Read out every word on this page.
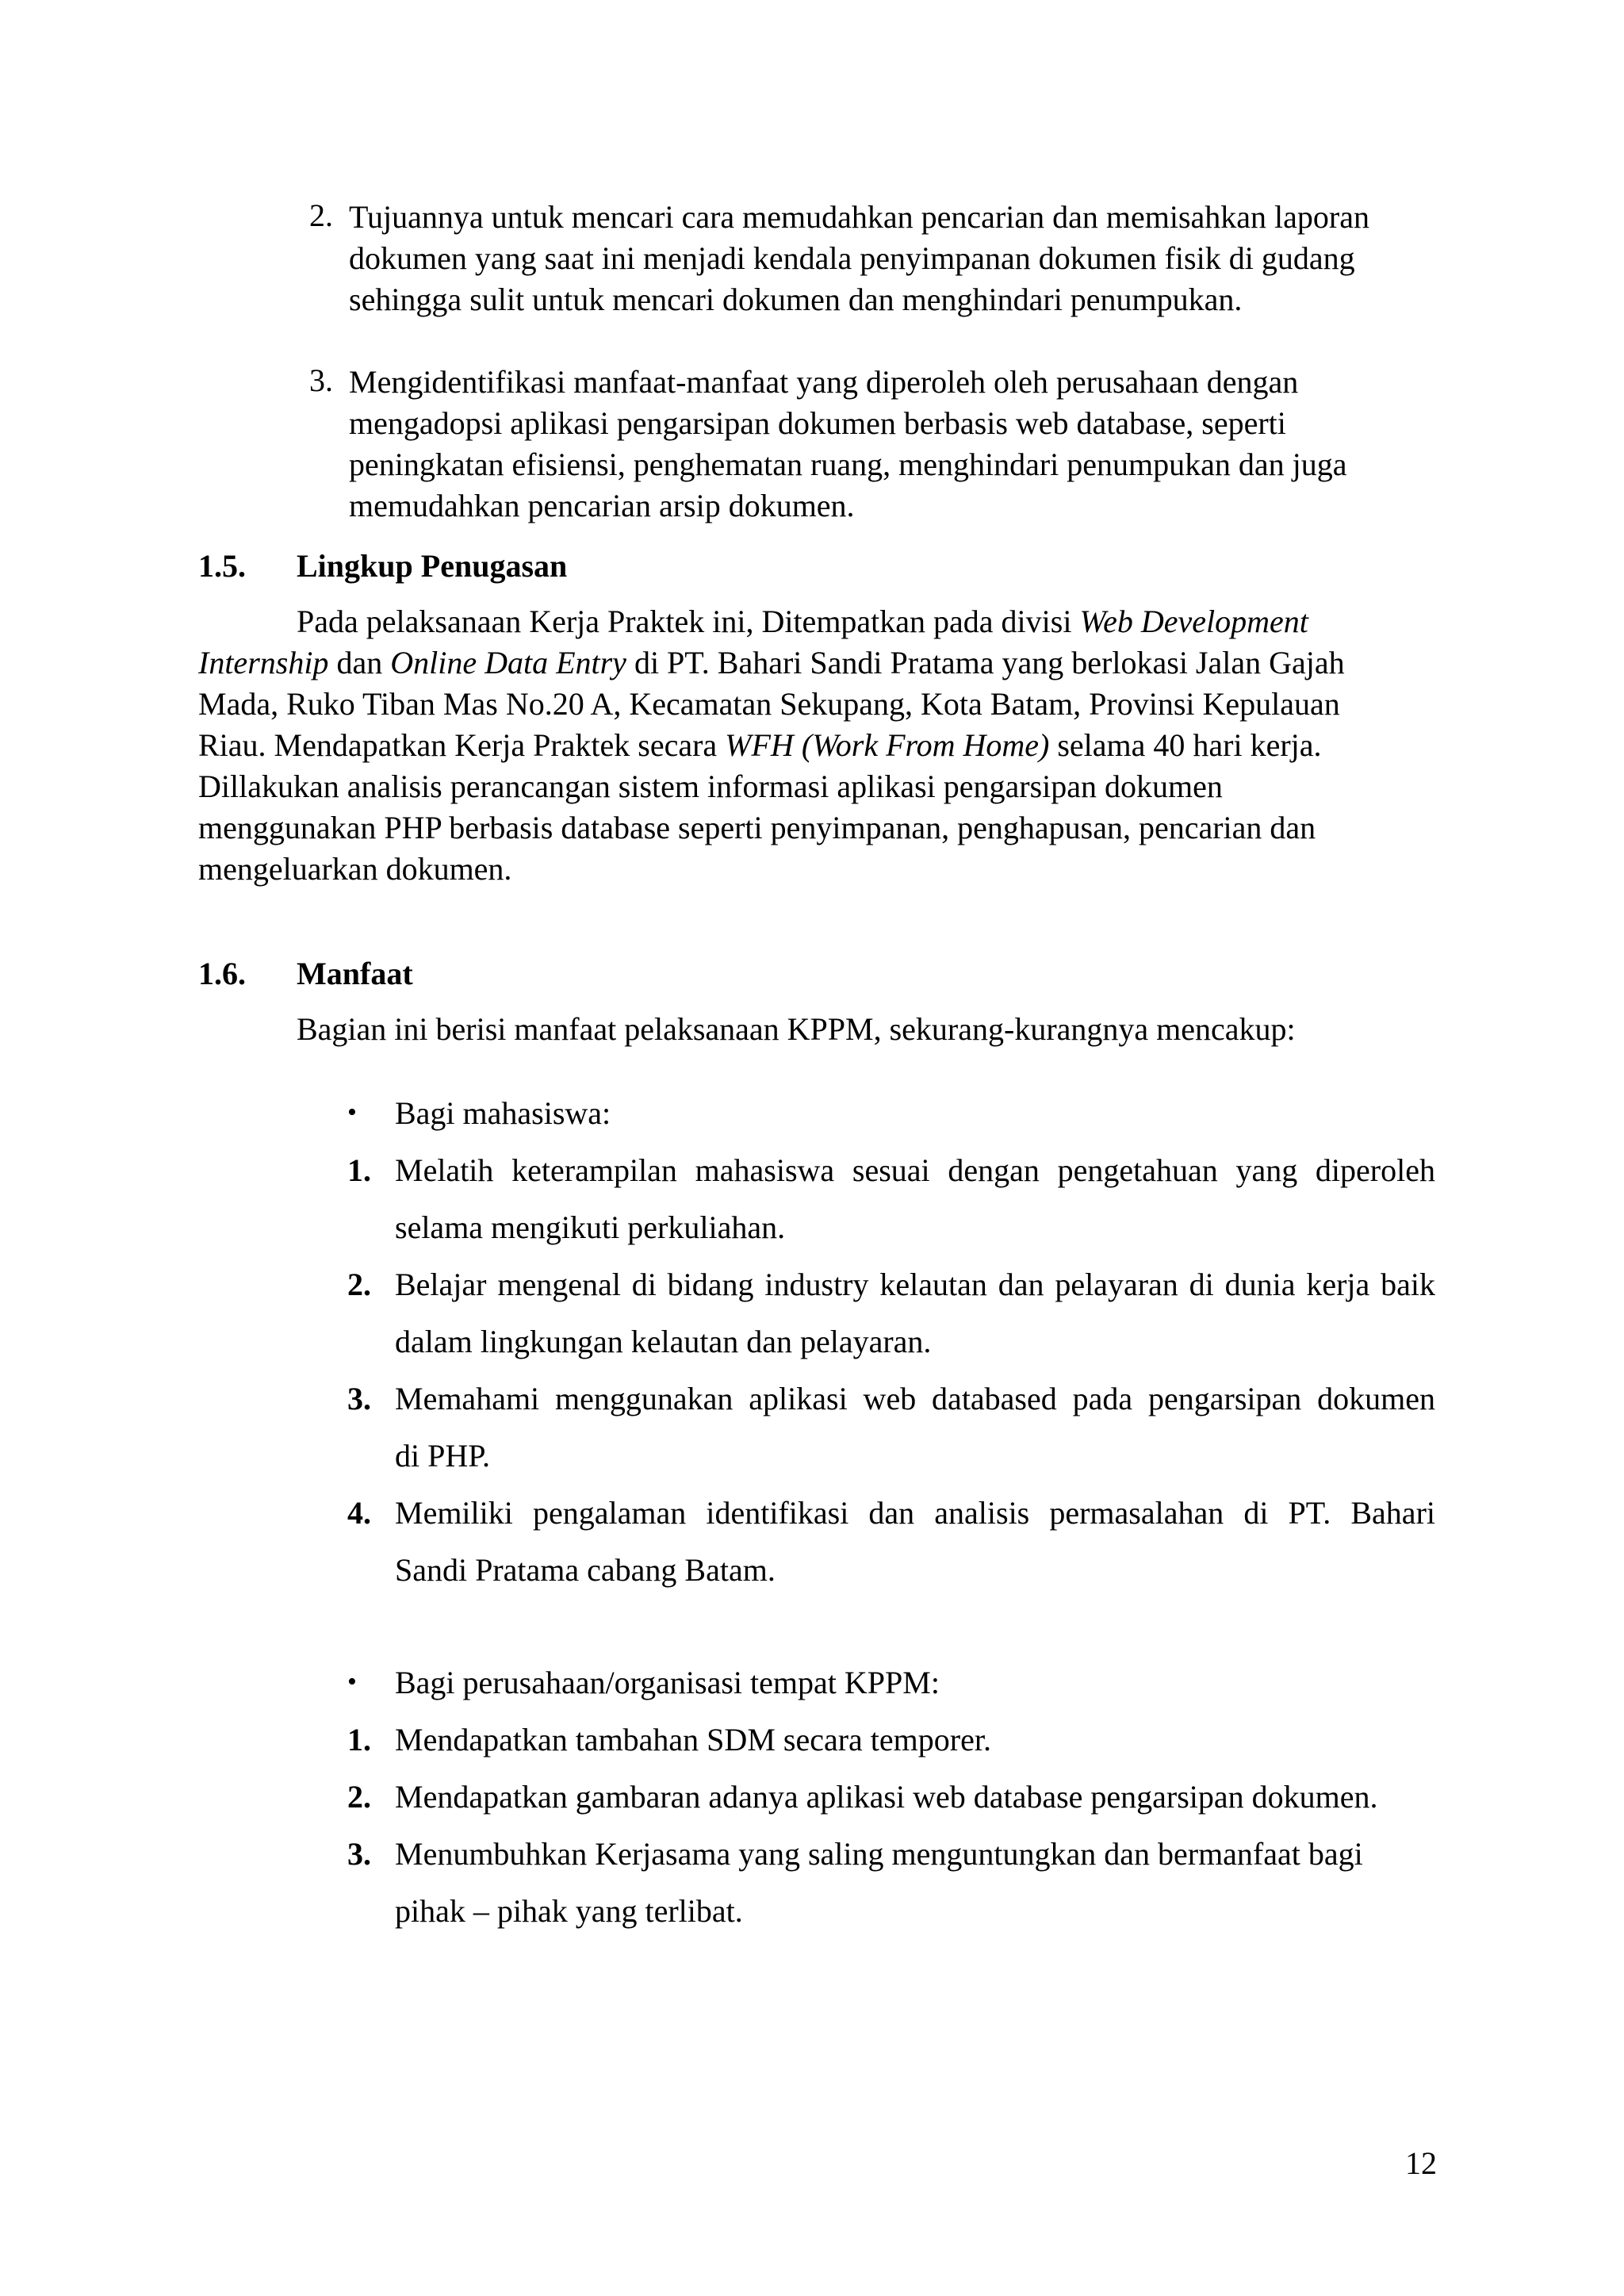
2. Tujuannya untuk mencari cara memudahkan pencarian dan memisahkan laporan
dokumen yang saat ini menjadi kendala penyimpanan dokumen fisik di gudang
sehingga sulit untuk mencari dokumen dan menghindari penumpukan.
3. Mengidentifikasi manfaat-manfaat yang diperoleh oleh perusahaan dengan
mengadopsi aplikasi pengarsipan dokumen berbasis web database, seperti
peningkatan efisiensi, penghematan ruang, menghindari penumpukan dan juga
memudahkan pencarian arsip dokumen.
1.5. Lingkup Penugasan
Pada pelaksanaan Kerja Praktek ini, Ditempatkan pada divisi Web Development
Internship dan Online Data Entry di PT. Bahari Sandi Pratama yang berlokasi Jalan Gajah
Mada, Ruko Tiban Mas No.20 A, Kecamatan Sekupang, Kota Batam, Provinsi Kepulauan
Riau. Mendapatkan Kerja Praktek secara WFH (Work From Home) selama 40 hari kerja.
Dillakukan analisis perancangan sistem informasi aplikasi pengarsipan dokumen
menggunakan PHP berbasis database seperti penyimpanan, penghapusan, pencarian dan
mengeluarkan dokumen.
1.6. Manfaat
Bagian ini berisi manfaat pelaksanaan KPPM, sekurang-kurangnya mencakup:
• Bagi mahasiswa:
1. Melatih keterampilan mahasiswa sesuai dengan pengetahuan yang diperoleh
selama mengikuti perkuliahan.
2. Belajar mengenal di bidang industry kelautan dan pelayaran di dunia kerja baik
dalam lingkungan kelautan dan pelayaran.
3. Memahami menggunakan aplikasi web databased pada pengarsipan dokumen
di PHP.
4. Memiliki pengalaman identifikasi dan analisis permasalahan di PT. Bahari
Sandi Pratama cabang Batam.
• Bagi perusahaan/organisasi tempat KPPM:
1. Mendapatkan tambahan SDM secara temporer.
2. Mendapatkan gambaran adanya aplikasi web database pengarsipan dokumen.
3. Menumbuhkan Kerjasama yang saling menguntungkan dan bermanfaat bagi
pihak – pihak yang terlibat.
12
